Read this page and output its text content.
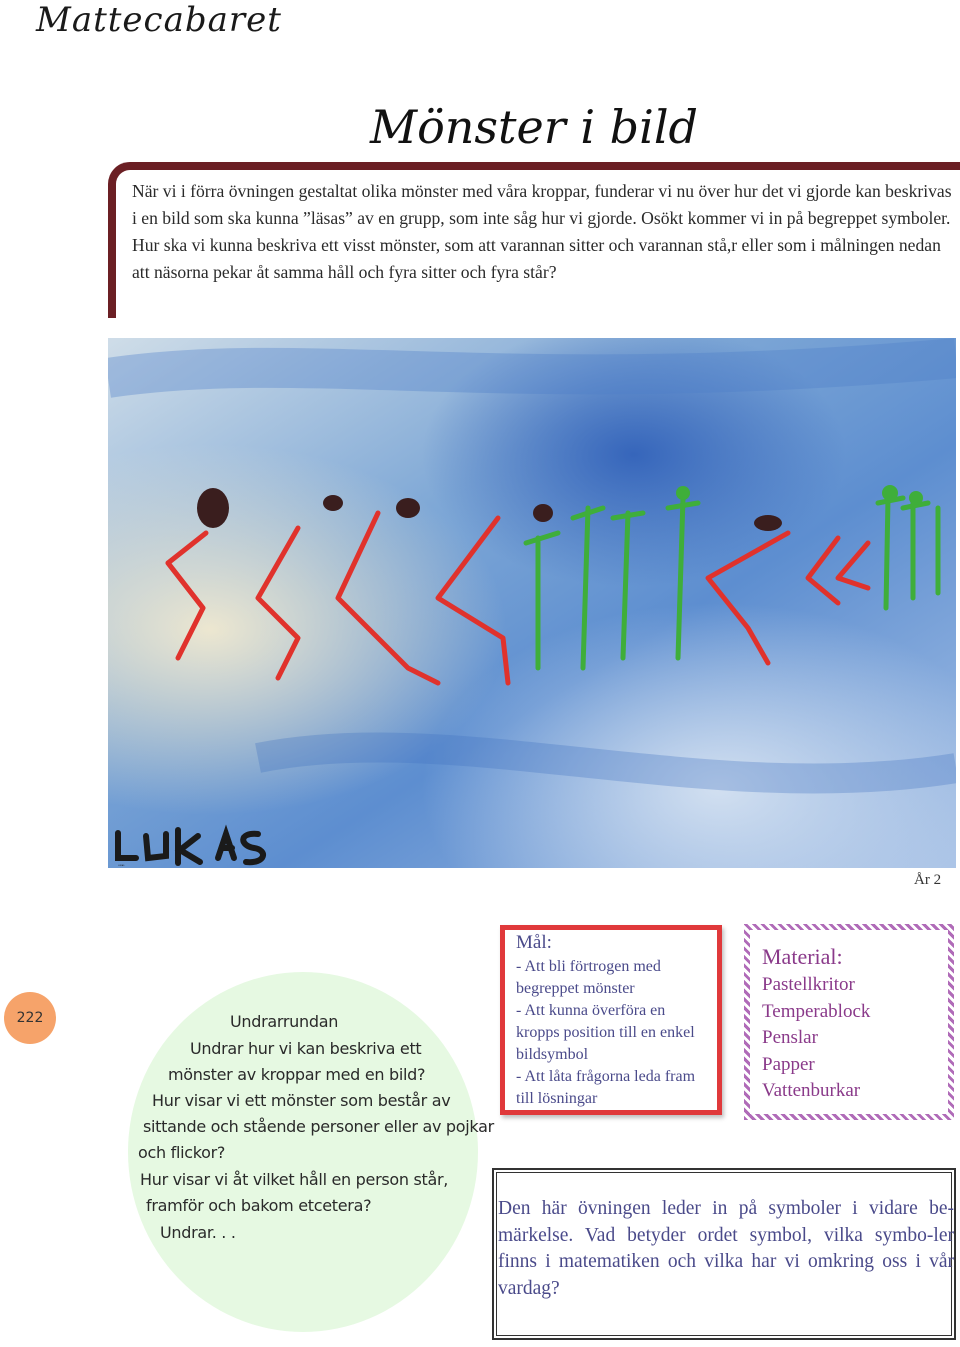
Mattecabaret
Mönster i bild
När vi i förra övningen gestaltat olika mönster med våra kroppar, funderar vi nu över hur det vi gjorde kan beskrivas i en bild som ska kunna ”läsas” av en grupp, som inte såg hur vi gjorde. Osökt kommer vi in på begreppet symboler. Hur ska vi kunna beskriva ett visst mönster, som att varannan sitter och varannan stå,r eller som i målningen nedan att näsorna pekar åt samma håll och fyra sitter och fyra står?
LUKAS
År 2
222	Undrarrundan
Undrar hur vi kan beskriva ett
mönster av kroppar med en bild?
Hur visar vi ett mönster som består av
sittande och stående personer eller av pojkar
och flickor?
Hur visar vi åt vilket håll en person står,
framför och bakom etcetera?
Undrar. . .
Mål:
- Att bli förtrogen med begreppet mönster
- Att kunna överföra en kropps position till en enkel bildsymbol
- Att låta frågorna leda fram till lösningar
Material:
Pastellkritor
Temperablock
Penslar
Papper
Vattenburkar
Den här övningen leder in på symboler i vidare be-märkelse. Vad betyder ordet symbol, vilka symbo-ler finns i matematiken och vilka har vi omkring oss i vår vardag?
